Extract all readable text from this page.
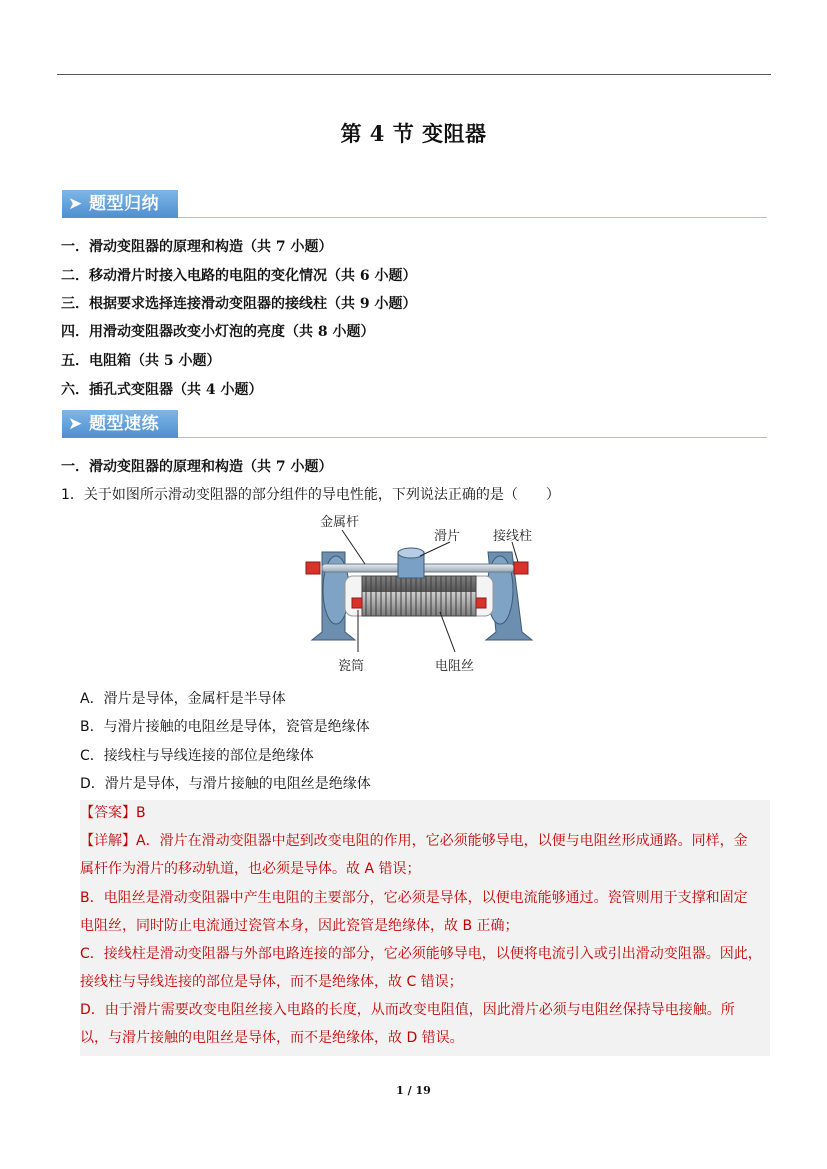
第 4 节 变阻器
➤ 题型归纳
一．滑动变阻器的原理和构造（共 7 小题）
二．移动滑片时接入电路的电阻的变化情况（共 6 小题）
三．根据要求选择连接滑动变阻器的接线柱（共 9 小题）
四．用滑动变阻器改变小灯泡的亮度（共 8 小题）
五．电阻箱（共 5 小题）
六．插孔式变阻器（共 4 小题）
➤ 题型速练
一．滑动变阻器的原理和构造（共 7 小题）
1．关于如图所示滑动变阻器的部分组件的导电性能，下列说法正确的是（　　）
金属杆
滑片	接线柱
瓷筒	电阻丝
A．滑片是导体，金属杆是半导体
B．与滑片接触的电阻丝是导体，瓷管是绝缘体
C．接线柱与导线连接的部位是绝缘体
D．滑片是导体，与滑片接触的电阻丝是绝缘体
【答案】B
【详解】A．滑片在滑动变阻器中起到改变电阻的作用，它必须能够导电，以便与电阻丝形成通路。同样，金
属杆作为滑片的移动轨道，也必须是导体。故 A 错误；
B．电阻丝是滑动变阻器中产生电阻的主要部分，它必须是导体，以便电流能够通过。瓷管则用于支撑和固定
电阻丝，同时防止电流通过瓷管本身，因此瓷管是绝缘体，故 B 正确；
C．接线柱是滑动变阻器与外部电路连接的部分，它必须能够导电，以便将电流引入或引出滑动变阻器。因此，
接线柱与导线连接的部位是导体，而不是绝缘体，故 C 错误；
D．由于滑片需要改变电阻丝接入电路的长度，从而改变电阻值，因此滑片必须与电阻丝保持导电接触。所
以，与滑片接触的电阻丝是导体，而不是绝缘体，故 D 错误。
1 / 19
